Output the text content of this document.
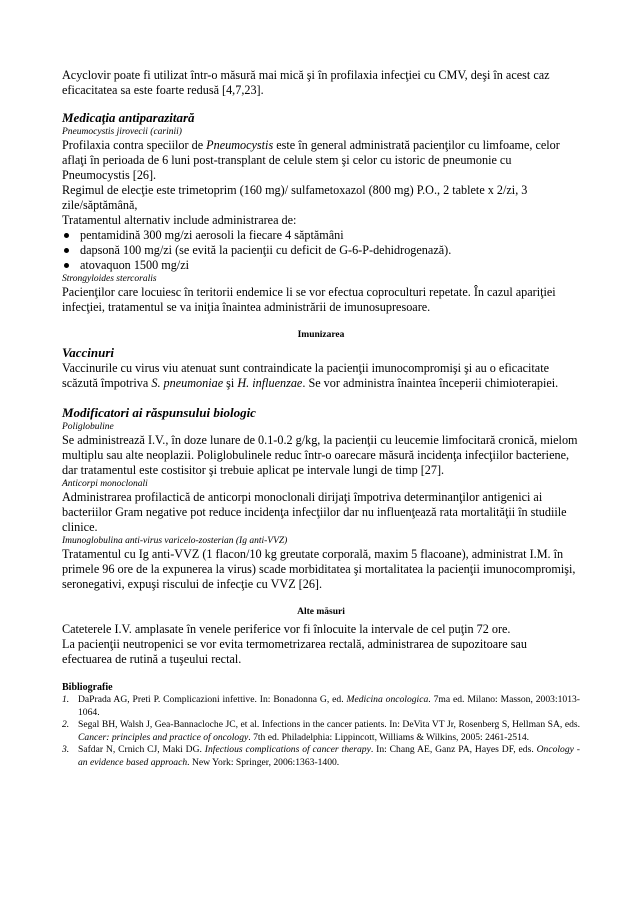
Acyclovir poate fi utilizat într-o măsură mai mică şi în profilaxia infecţiei cu CMV, deşi în acest caz eficacitatea sa este foarte redusă [4,7,23].

Medicaţia antiparazitară

Pneumocystis jirovecii (carinii)

Profilaxia contra speciilor de Pneumocystis este în general administrată pacienţilor cu limfoame, celor aflaţi în perioada de 6 luni post-transplant de celule stem şi celor cu istoric de pneumonie cu Pneumocystis [26].

Regimul de elecţie este trimetoprim (160 mg)/ sulfametoxazol (800 mg) P.O., 2 tablete x 2/zi, 3 zile/săptămână,

Tratamentul alternativ include administrarea de:

pentamidină 300 mg/zi aerosoli la fiecare 4 săptămâni
dapsonă 100 mg/zi (se evită la pacienţii cu deficit de G-6-P-dehidrogenază).
atovaquon 1500 mg/zi

Strongyloides stercoralis

Pacienţilor care locuiesc în teritorii endemice li se vor efectua coproculturi repetate. În cazul apariţiei infecţiei, tratamentul se va iniţia înaintea administrării de imunosupresoare.

Imunizarea

Vaccinuri

Vaccinurile cu virus viu atenuat sunt contraindicate la pacienţii imunocompromişi şi au o eficacitate scăzută împotriva S. pneumoniae şi H. influenzae. Se vor administra înaintea începerii chimioterapiei.

Modificatori ai răspunsului biologic

Poliglobuline

Se administrează I.V., în doze lunare de 0.1-0.2 g/kg, la pacienţii cu leucemie limfocitară cronică, mielom multiplu sau alte neoplazii. Poliglobulinele reduc într-o oarecare măsură incidenţa infecţiilor bacteriene, dar tratamentul este costisitor şi trebuie aplicat pe intervale lungi de timp [27].

Anticorpi monoclonali

Administrarea profilactică de anticorpi monoclonali dirijaţi împotriva determinanţilor antigenici ai bacteriilor Gram negative pot reduce incidenţa infecţiilor dar nu influenţează rata mortalităţii în studiile clinice.

Imunoglobulina anti-virus varicelo-zosterian (Ig anti-VVZ)

Tratamentul cu Ig anti-VVZ (1 flacon/10 kg greutate corporală, maxim 5 flacoane), administrat I.M. în primele 96 ore de la expunerea la virus) scade morbiditatea şi mortalitatea la pacienţii imunocompromişi, seronegativi, expuşi riscului de infecţie cu VVZ [26].

Alte măsuri

Cateterele I.V. amplasate în venele periferice vor fi înlocuite la intervale de cel puţin 72 ore.

La pacienţii neutropenici se vor evita termometrizarea rectală, administrarea de supozitoare sau efectuarea de rutină a tuşeului rectal.

Bibliografie

1. DaPrada AG, Preti P. Complicazioni infettive. In: Bonadonna G, ed. Medicina oncologica. 7ma ed. Milano: Masson, 2003:1013-1064.
2. Segal BH, Walsh J, Gea-Bannacloche JC, et al. Infections in the cancer patients. In: DeVita VT Jr, Rosenberg S, Hellman SA, eds. Cancer: principles and practice of oncology. 7th ed. Philadelphia: Lippincott, Williams & Wilkins, 2005: 2461-2514.
3. Safdar N, Crnich CJ, Maki DG. Infectious complications of cancer therapy. In: Chang AE, Ganz PA, Hayes DF, eds. Oncology - an evidence based approach. New York: Springer, 2006:1363-1400.
